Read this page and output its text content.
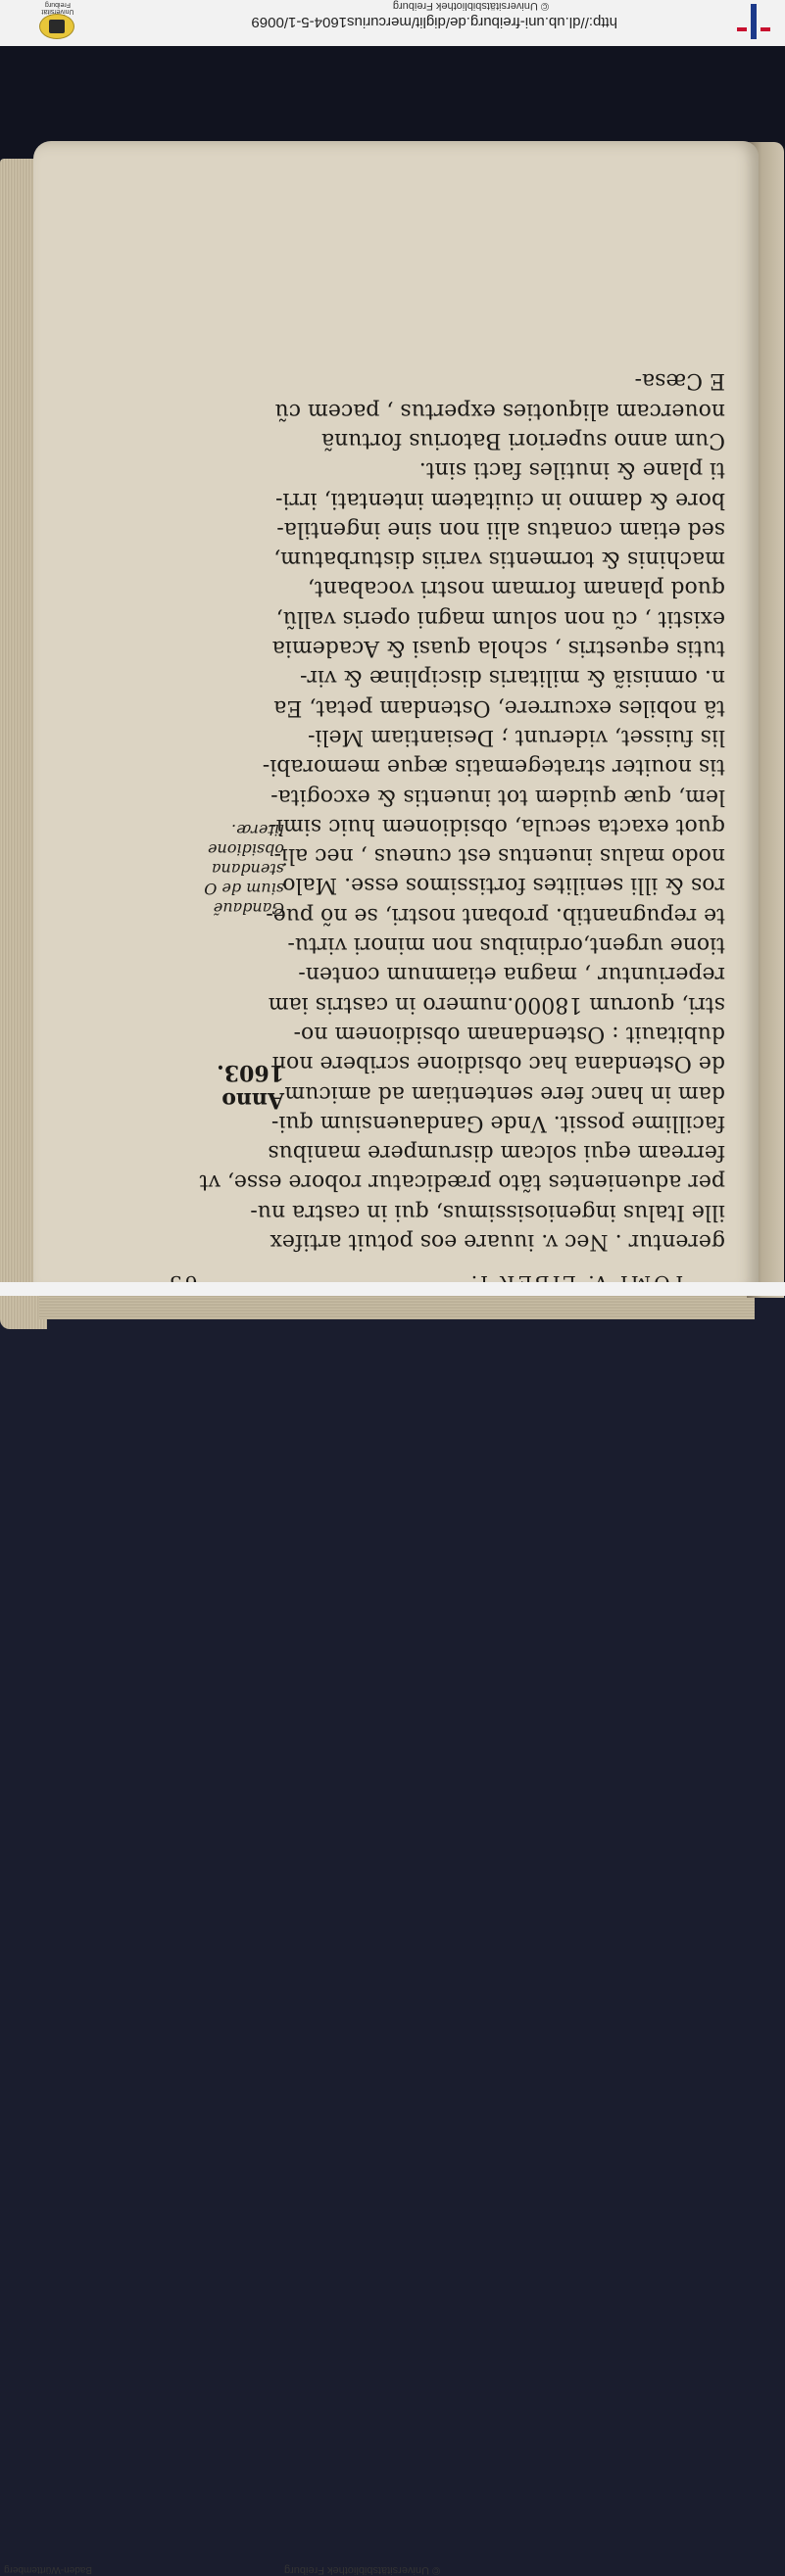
© Universitätsbibliothek Freiburg
http://dl.ub.uni-freiburg.de/diglit/mercurius1604-5-1/0069
Universität Freiburg
gerentur . Nec v. iuuare eos potuit artifex
ille Italus ingeniosissimus, qui in castra nu-
per aduenientes tãto prædicatur robore esse, vt
ferream equi solcam disrumpere manibus
facillime possit. Vnde Gandauensium qui-
dam in hanc fere sententiam ad amicum
de Ostendana hac obsidione scribere non
dubitauit : Ostendanam obsidionem no-
stri, quorum 18000.numero in castris iam
reperiuntur , magna etiamnum conten-
tione urgent,ordinibus non minori virtu-
te repugnantib. probant nostri, se nõ pue-
ros & illi senilites fortissimos esse. Malo
nodo malus inuentus est cuneus , nec ali-
quot exacta secula, obsidionem huic simi-
lem, quæ quidem tot inuentis & excogita-
tis nouiter strategematis æque memorabi-
lis fuisset, viderunt ; Desiantiam Meli-
tã nobiles excurrere, Ostendam petat, Ea
n. omnisiã & militaris disciplinæ & vir-
tutis equestris , schola quasi & Academia
existit , cũ non solum magni operis vallũ,
quod planam formam nostri vocabant,
machinis & tormentis variis disturbatum,
sed etiam conatus alii non sine ingentila-
bore & damno in ciuitatem intentati, irri-
ti plane & inutiles facti sint.
Cum anno superiori Batorius fortunã
nouercam aliquoties expertus , pacem cũ
E Cæsa-
Anno
1603.
Gandauẽ
sium de O
stendana
obsidione
literæ.
© Universitätsbibliothek Freiburg
Baden-Württemberg
